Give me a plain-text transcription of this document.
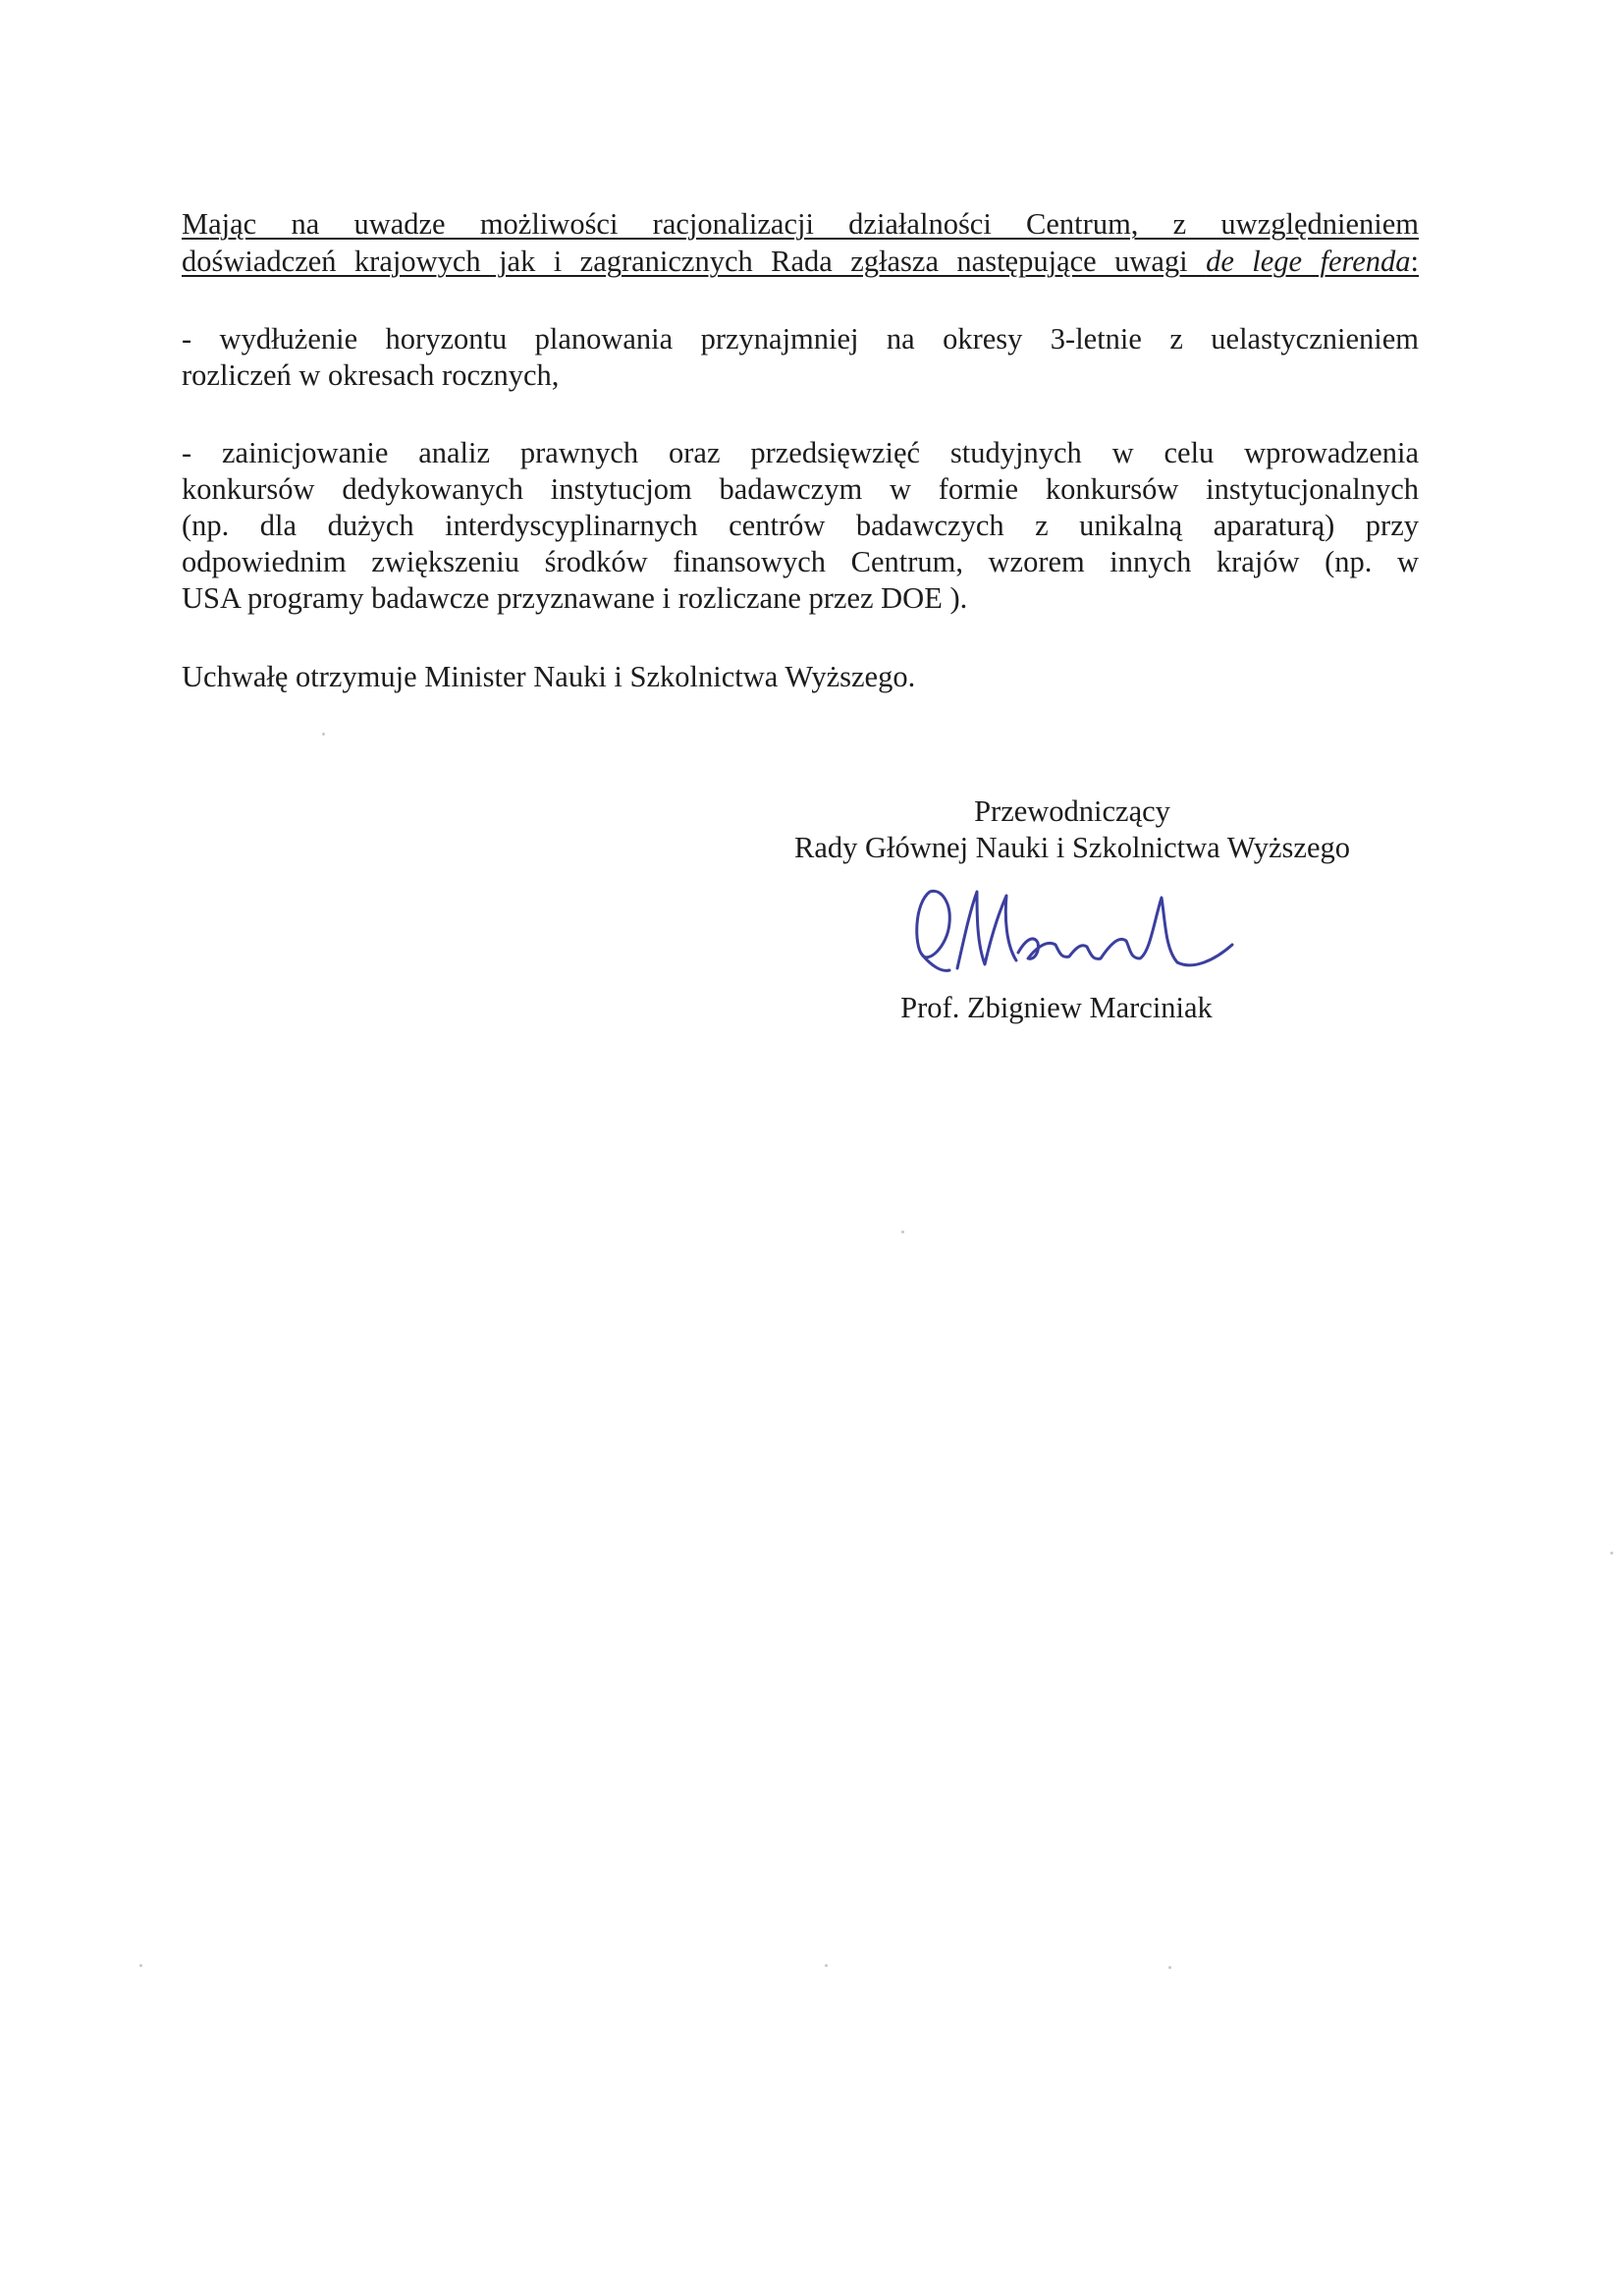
Mając na uwadze możliwości racjonalizacji działalności Centrum, z uwzględnieniem
doświadczeń krajowych jak i zagranicznych Rada zgłasza następujące uwagi de lege ferenda:
- wydłużenie horyzontu planowania przynajmniej na okresy 3-letnie z uelastycznieniem
rozliczeń w okresach rocznych,
- zainicjowanie analiz prawnych oraz przedsięwzięć studyjnych w celu wprowadzenia
konkursów dedykowanych instytucjom badawczym w formie konkursów instytucjonalnych
(np. dla dużych interdyscyplinarnych centrów badawczych z unikalną aparaturą) przy
odpowiednim zwiększeniu środków finansowych Centrum, wzorem innych krajów (np. w
USA programy badawcze przyznawane i rozliczane przez DOE ).
Uchwałę otrzymuje Minister Nauki i Szkolnictwa Wyższego.
Przewodniczący
Rady Głównej Nauki i Szkolnictwa Wyższego
Prof. Zbigniew Marciniak
